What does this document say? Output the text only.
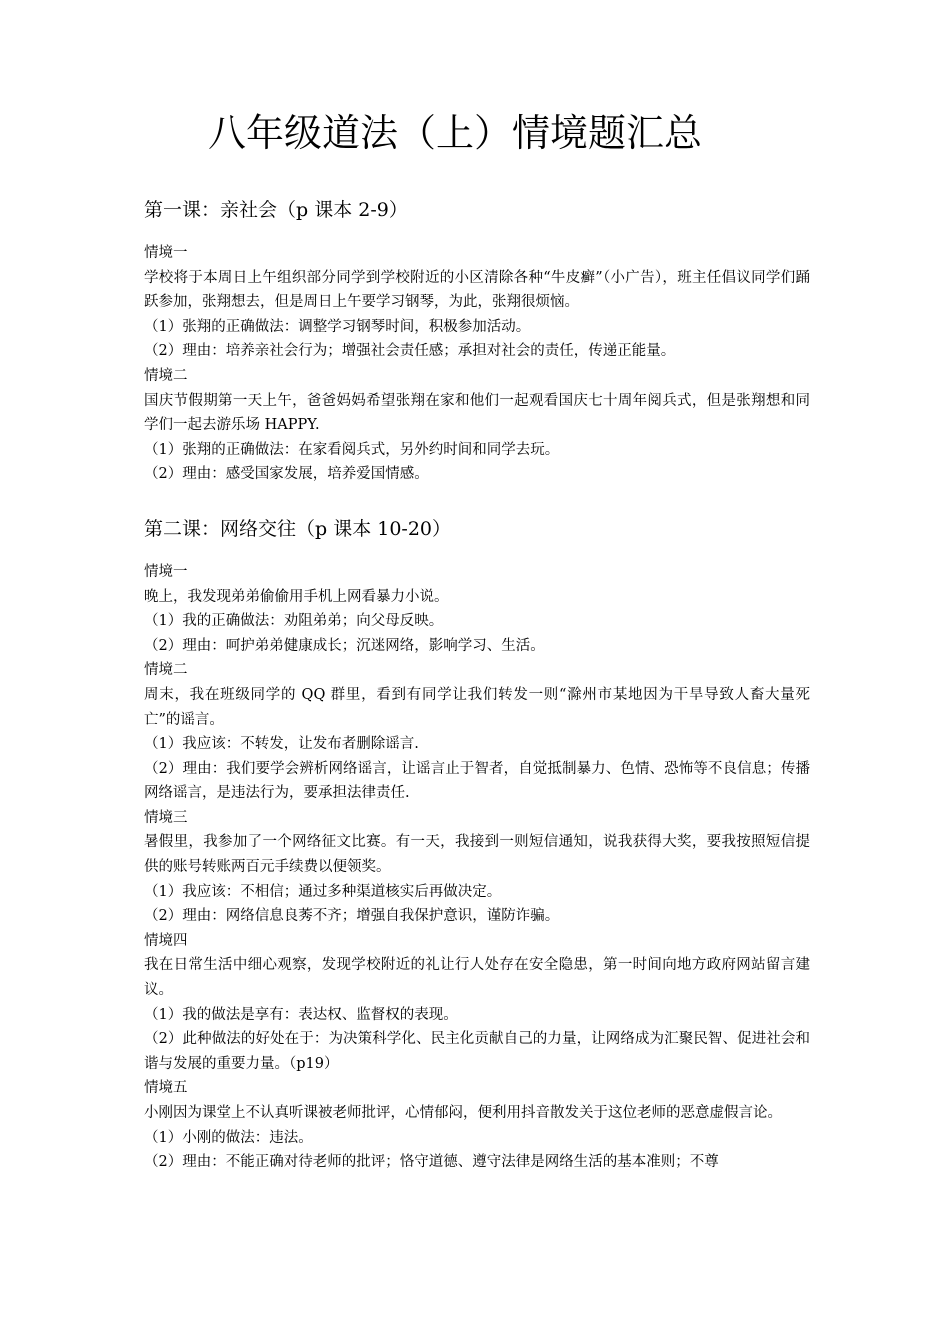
八年级道法（上）情境题汇总
第一课：亲社会（p 课本 2-9）

情境一

学校将于本周日上午组织部分同学到学校附近的小区清除各种“牛皮癣”（小广告），班主任倡议同学们踊跃参加，张翔想去，但是周日上午要学习钢琴，为此，张翔很烦恼。

（1）张翔的正确做法：调整学习钢琴时间，积极参加活动。

（2）理由：培养亲社会行为；增强社会责任感；承担对社会的责任，传递正能量。

情境二

国庆节假期第一天上午，爸爸妈妈希望张翔在家和他们一起观看国庆七十周年阅兵式，但是张翔想和同学们一起去游乐场 HAPPY.

（1）张翔的正确做法：在家看阅兵式，另外约时间和同学去玩。

（2）理由：感受国家发展，培养爱国情感。

第二课：网络交往（p 课本 10-20）

情境一

晚上，我发现弟弟偷偷用手机上网看暴力小说。

（1）我的正确做法：劝阻弟弟；向父母反映。

（2）理由：呵护弟弟健康成长；沉迷网络，影响学习、生活。

情境二

周末，我在班级同学的 QQ 群里，看到有同学让我们转发一则“滁州市某地因为干旱导致人畜大量死亡”的谣言。

（1）我应该：不转发，让发布者删除谣言.

（2）理由：我们要学会辨析网络谣言，让谣言止于智者，自觉抵制暴力、色情、恐怖等不良信息；传播网络谣言，是违法行为，要承担法律责任.

情境三

暑假里，我参加了一个网络征文比赛。有一天，我接到一则短信通知，说我获得大奖，要我按照短信提供的账号转账两百元手续费以便领奖。

（1）我应该：不相信；通过多种渠道核实后再做决定。

（2）理由：网络信息良莠不齐；增强自我保护意识，谨防诈骗。

情境四

我在日常生活中细心观察，发现学校附近的礼让行人处存在安全隐患，第一时间向地方政府网站留言建议。

（1）我的做法是享有：表达权、监督权的表现。

（2）此种做法的好处在于：为决策科学化、民主化贡献自己的力量，让网络成为汇聚民智、促进社会和谐与发展的重要力量。（p19）

情境五

小刚因为课堂上不认真听课被老师批评，心情郁闷，便利用抖音散发关于这位老师的恶意虚假言论。

（1）小刚的做法：违法。

（2）理由：不能正确对待老师的批评；恪守道德、遵守法律是网络生活的基本准则；不尊
